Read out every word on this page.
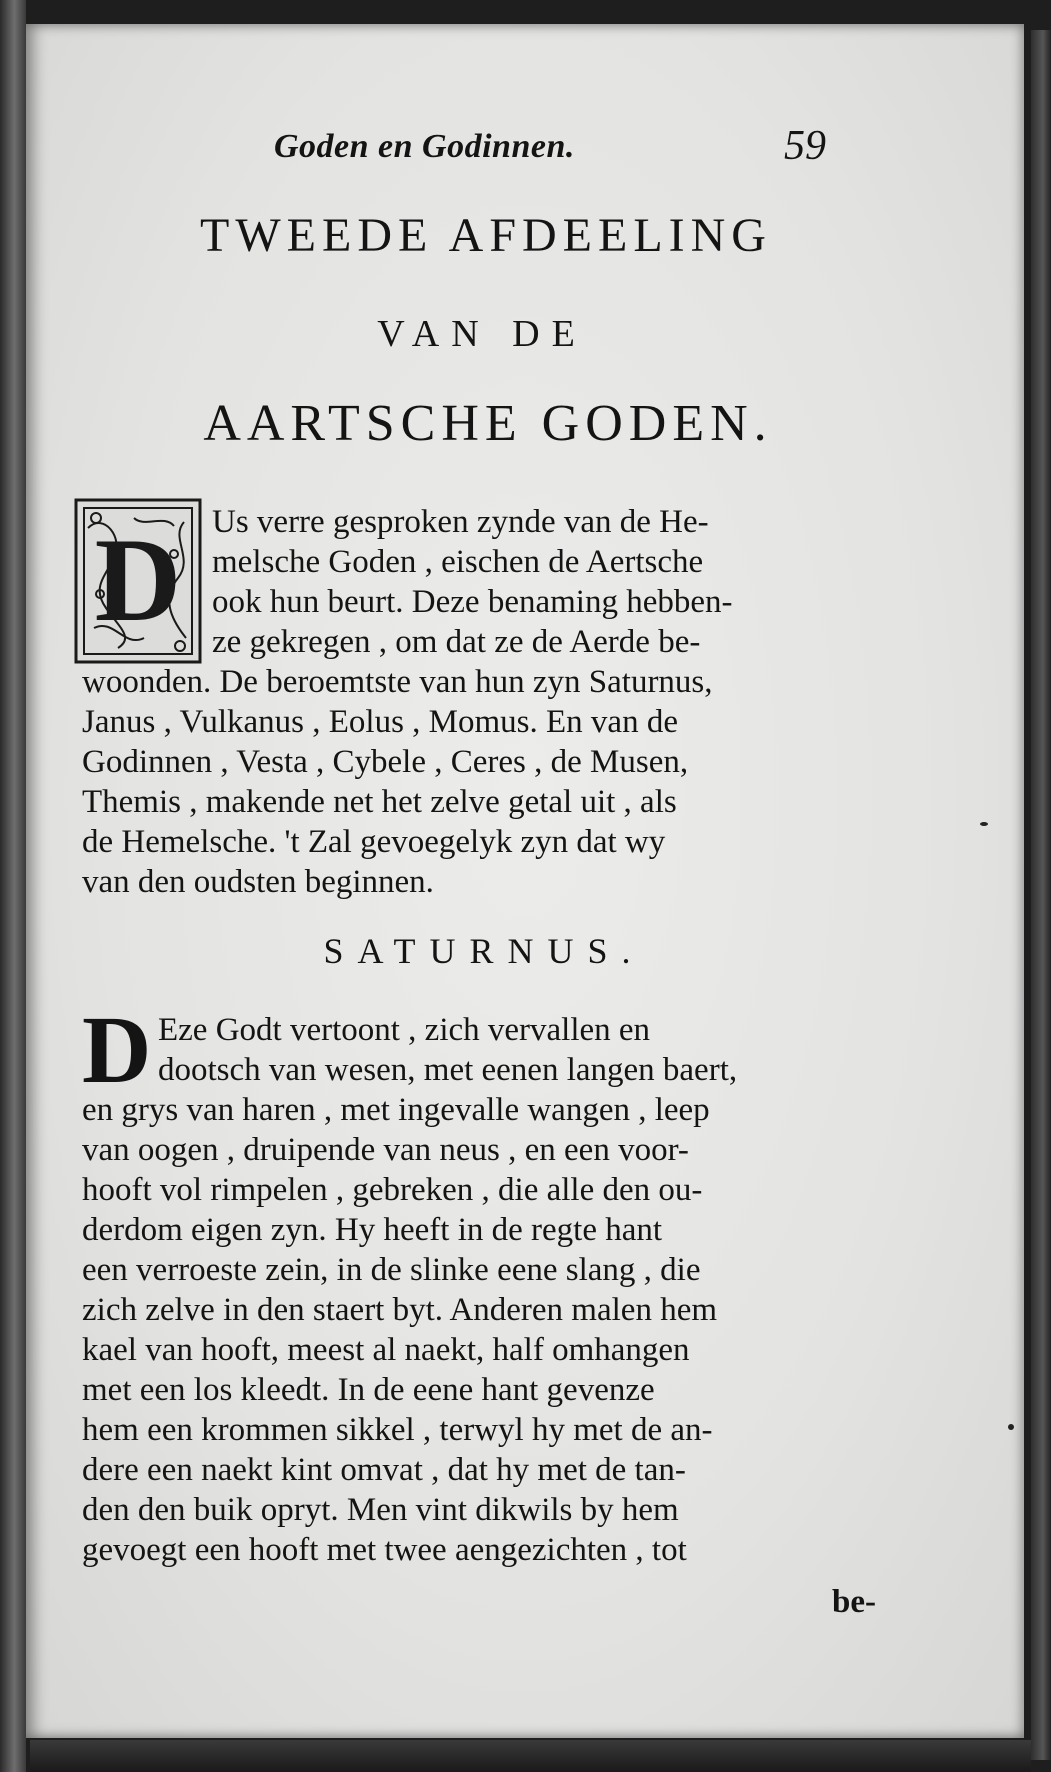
Goden en Godinnen.	59
TWEEDE AFDEELING
VAN DE
AARTSCHE GODEN.
D Us verre gesproken zynde van de He-
melsche Goden , eischen de Aertsche
ook hun beurt. Deze benaming hebben-
ze gekregen , om dat ze de Aerde be-
woonden. De beroemtste van hun zyn Saturnus,
Janus , Vulkanus , Eolus , Momus. En van de
Godinnen , Vesta , Cybele , Ceres , de Musen,
Themis , makende net het zelve getal uit , als
de Hemelsche. 't Zal gevoegelyk zyn dat wy
van den oudsten beginnen.
SATURNUS.
D Eze Godt vertoont , zich vervallen en
dootsch van wesen, met eenen langen baert,
en grys van haren , met ingevalle wangen , leep
van oogen , druipende van neus , en een voor-
hooft vol rimpelen , gebreken , die alle den ou-
derdom eigen zyn. Hy heeft in de regte hant
een verroeste zein, in de slinke eene slang , die
zich zelve in den staert byt. Anderen malen hem
kael van hooft, meest al naekt, half omhangen
met een los kleedt. In de eene hant gevenze
hem een krommen sikkel , terwyl hy met de an-
dere een naekt kint omvat , dat hy met de tan-
den den buik opryt. Men vint dikwils by hem
gevoegt een hooft met twee aengezichten , tot
be-
